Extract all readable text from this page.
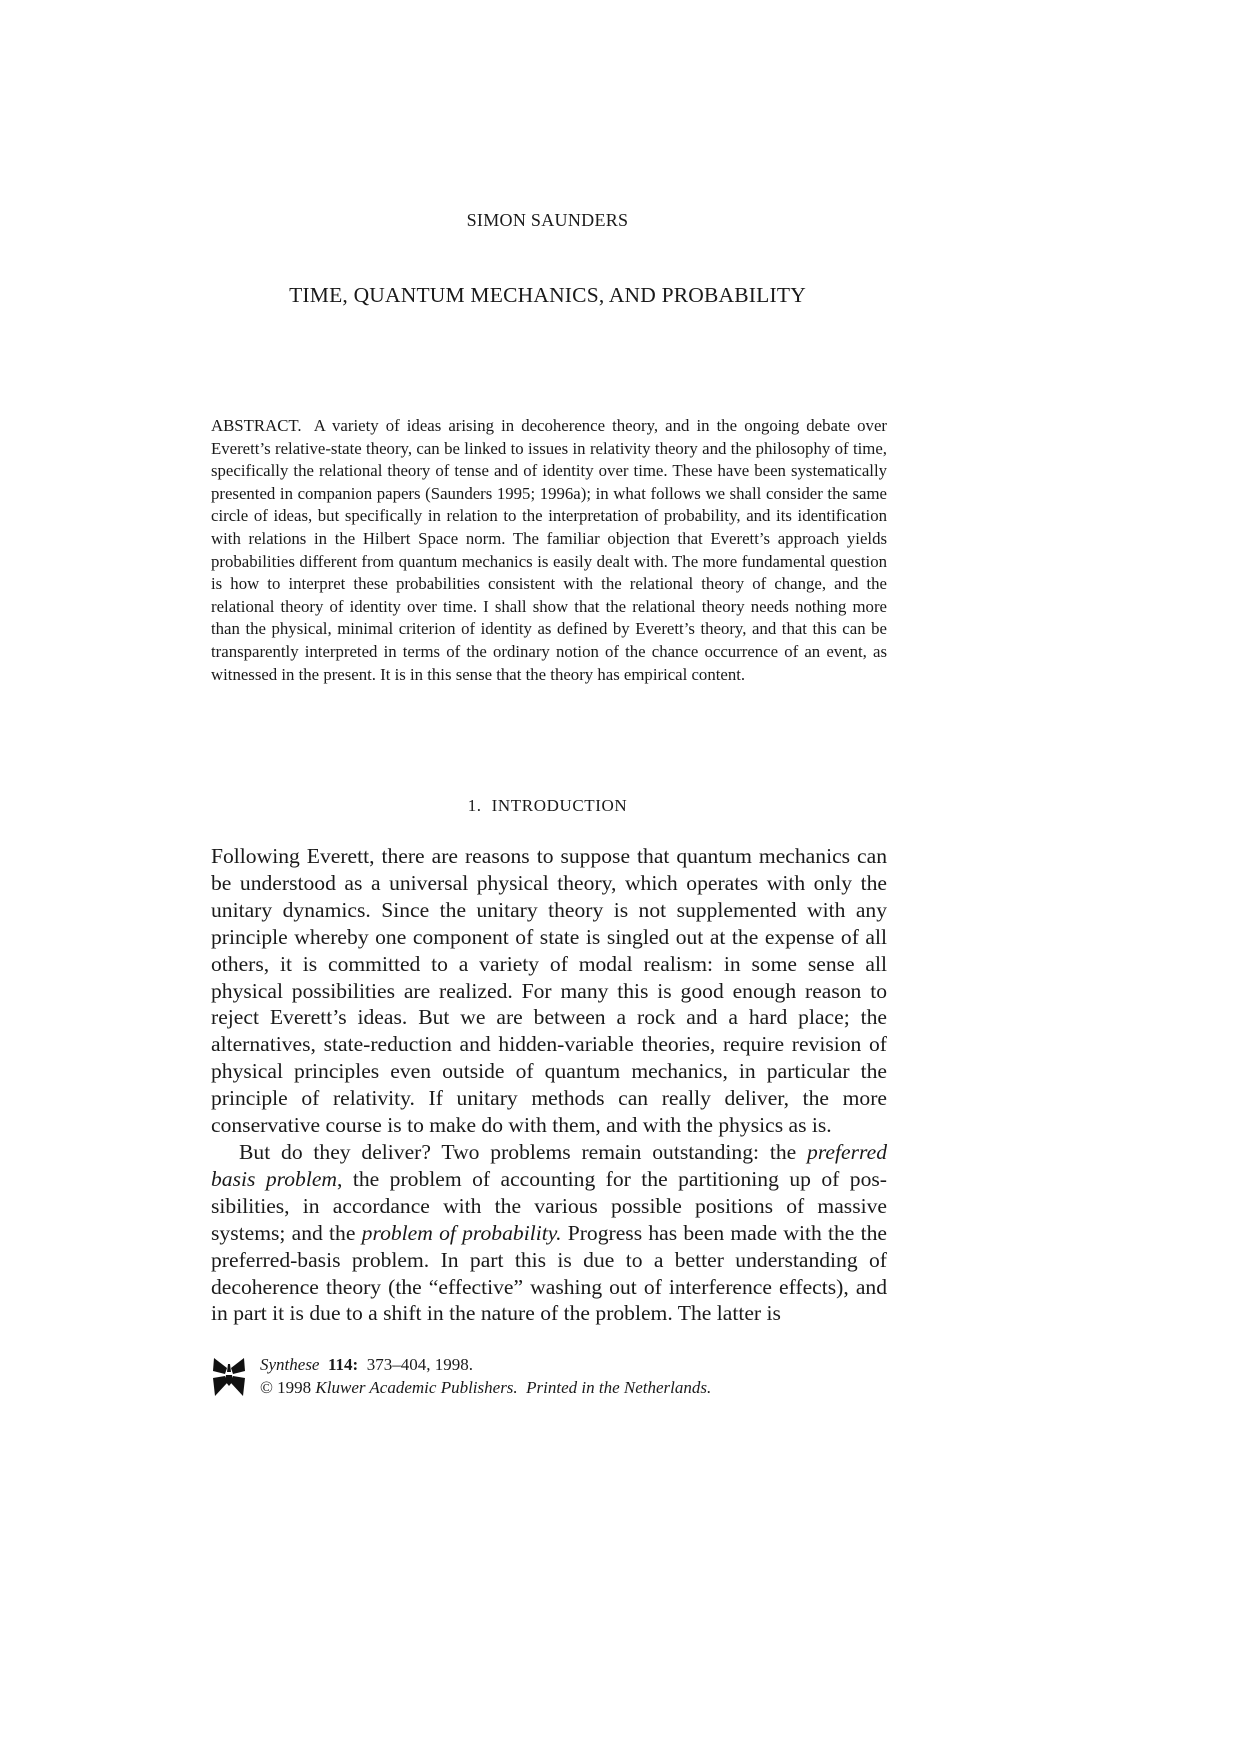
SIMON SAUNDERS
TIME, QUANTUM MECHANICS, AND PROBABILITY
ABSTRACT. A variety of ideas arising in decoherence theory, and in the ongoing debate over Everett’s relative-state theory, can be linked to issues in relativity theory and the philosophy of time, specifically the relational theory of tense and of identity over time. These have been systematically presented in companion papers (Saunders 1995; 1996a); in what follows we shall consider the same circle of ideas, but specifically in relation to the interpretation of probability, and its identification with relations in the Hilbert Space norm. The familiar objection that Everett’s approach yields probabilities different from quantum mechanics is easily dealt with. The more fundamental question is how to interpret these probabilities consistent with the relational theory of change, and the relational theory of identity over time. I shall show that the relational theory needs nothing more than the physical, minimal criterion of identity as defined by Everett’s theory, and that this can be transparently interpreted in terms of the ordinary notion of the chance occurrence of an event, as witnessed in the present. It is in this sense that the theory has empirical content.
1. INTRODUCTION

Following Everett, there are reasons to suppose that quantum mechanics can be understood as a universal physical theory, which operates with only the unitary dynamics. Since the unitary theory is not supplemented with any principle whereby one component of state is singled out at the expense of all others, it is committed to a variety of modal realism: in some sense all physical possibilities are realized. For many this is good enough reason to reject Everett’s ideas. But we are between a rock and a hard place; the alternatives, state-reduction and hidden-variable theories, require revision of physical principles even outside of quantum mechanics, in particular the principle of relativity. If unitary methods can really deliver, the more conservative course is to make do with them, and with the physics as is.

But do they deliver? Two problems remain outstanding: the preferred basis problem, the problem of accounting for the partitioning up of possibilities, in accordance with the various possible positions of massive systems; and the problem of probability. Progress has been made with the the preferred-basis problem. In part this is due to a better understanding of decoherence theory (the “effective” washing out of interference effects), and in part it is due to a shift in the nature of the problem. The latter is

Synthese 114: 373–404, 1998.
© 1998 Kluwer Academic Publishers. Printed in the Netherlands.
